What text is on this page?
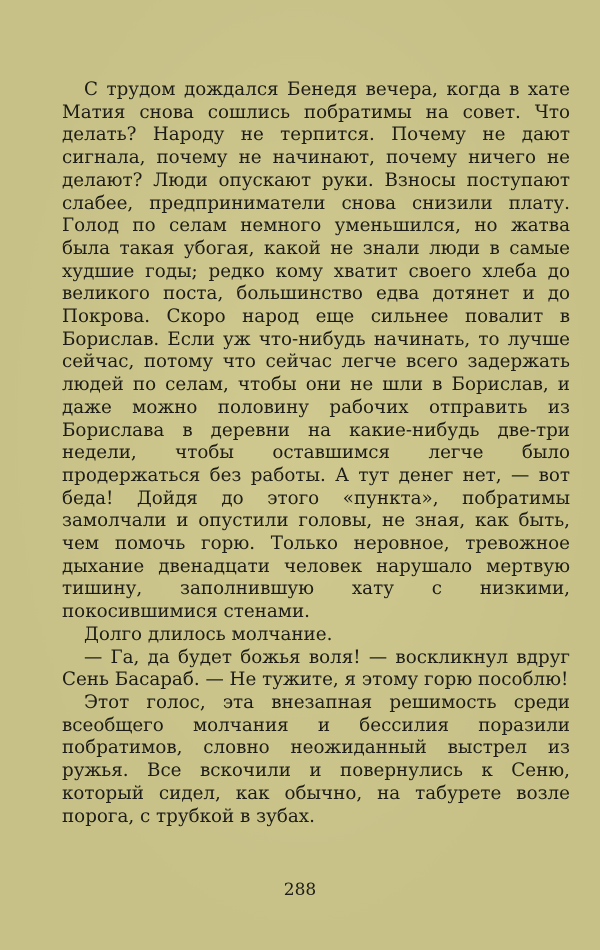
С трудом дождался Бенедя вечера, когда в хате Матия снова сошлись побратимы на совет. Что делать? Народу не терпится. Почему не дают сигнала, почему не начинают, почему ничего не делают? Люди опускают руки. Взносы поступают слабее, предприниматели снова снизили плату. Голод по селам немного уменьшился, но жатва была такая убогая, какой не знали люди в самые худшие годы; редко кому хватит своего хлеба до великого поста, большинство едва дотянет и до Покрова. Скоро народ еще сильнее повалит в Борислав. Если уж что-нибудь начинать, то лучше сейчас, потому что сейчас легче всего задержать людей по селам, чтобы они не шли в Борислав, и даже можно половину рабочих отправить из Борислава в деревни на какие-нибудь две-три недели, чтобы оставшимся легче было продержаться без работы. А тут денег нет, — вот беда! Дойдя до этого «пункта», побратимы замолчали и опустили головы, не зная, как быть, чем помочь горю. Только неровное, тревожное дыхание двенадцати человек нарушало мертвую тишину, заполнившую хату с низкими, покосившимися стенами.

Долго длилось молчание.

— Га, да будет божья воля! — воскликнул вдруг Сень Басараб. — Не тужите, я этому горю пособлю!

Этот голос, эта внезапная решимость среди всеобщего молчания и бессилия поразили побратимов, словно неожиданный выстрел из ружья. Все вскочили и повернулись к Сеню, который сидел, как обычно, на табурете возле порога, с трубкой в зубах.

288
